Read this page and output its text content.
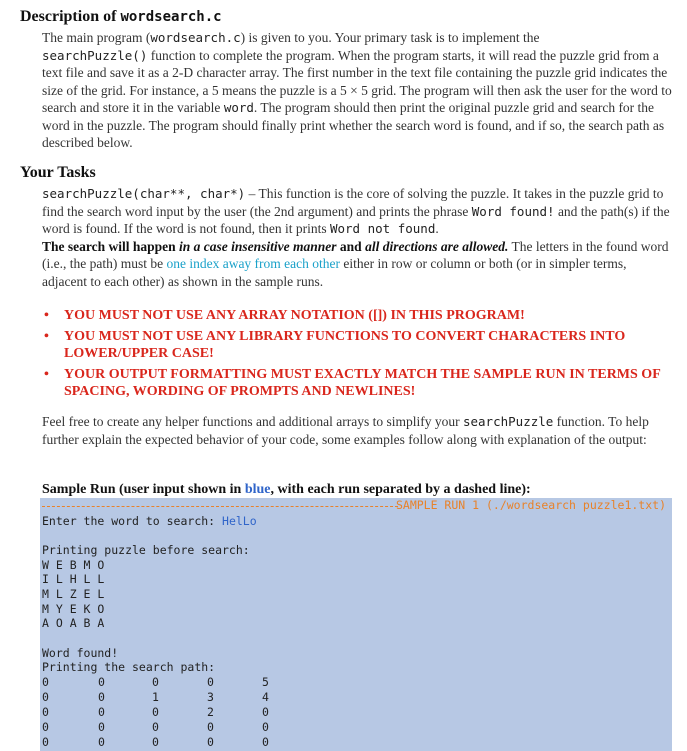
Description of wordsearch.c
The main program (wordsearch.c) is given to you. Your primary task is to implement the
searchPuzzle() function to complete the program. When the program starts, it will read the puzzle grid from a text file and save it as a 2-D character array. The first number in the text file containing the puzzle grid indicates the size of the grid. For instance, a 5 means the puzzle is a 5 × 5 grid. The program will then ask the user for the word to search and store it in the variable word. The program should then print the original puzzle grid and search for the word in the puzzle. The program should finally print whether the search word is found, and if so, the search path as described below.
Your Tasks
searchPuzzle(char**, char*) – This function is the core of solving the puzzle. It takes in the puzzle grid to find the search word input by the user (the 2nd argument) and prints the phrase Word found! and the path(s) if the word is found. If the word is not found, then it prints Word not found.
The search will happen in a case insensitive manner and all directions are allowed. The letters in the found word (i.e., the path) must be one index away from each other either in row or column or both (or in simpler terms, adjacent to each other) as shown in the sample runs.
• YOU MUST NOT USE ANY ARRAY NOTATION ([]) IN THIS PROGRAM!
• YOU MUST NOT USE ANY LIBRARY FUNCTIONS TO CONVERT CHARACTERS INTO LOWER/UPPER CASE!
• YOUR OUTPUT FORMATTING MUST EXACTLY MATCH THE SAMPLE RUN IN TERMS OF SPACING, WORDING OF PROMPTS AND NEWLINES!
Feel free to create any helper functions and additional arrays to simplify your searchPuzzle function. To help further explain the expected behavior of your code, some examples follow along with explanation of the output:
Sample Run (user input shown in blue, with each run separated by a dashed line):
SAMPLE RUN 1 (./wordsearch puzzle1.txt)
Enter the word to search: HelLo
Printing puzzle before search:
W E B M O
I L H L L
M L Z E L
M Y E K O
A O A B A
Word found!
Printing the search path:
0	0	0	0	5
0	0	1	3	4
0	0	0	2	0
0	0	0	0	0
0	0	0	0	0
